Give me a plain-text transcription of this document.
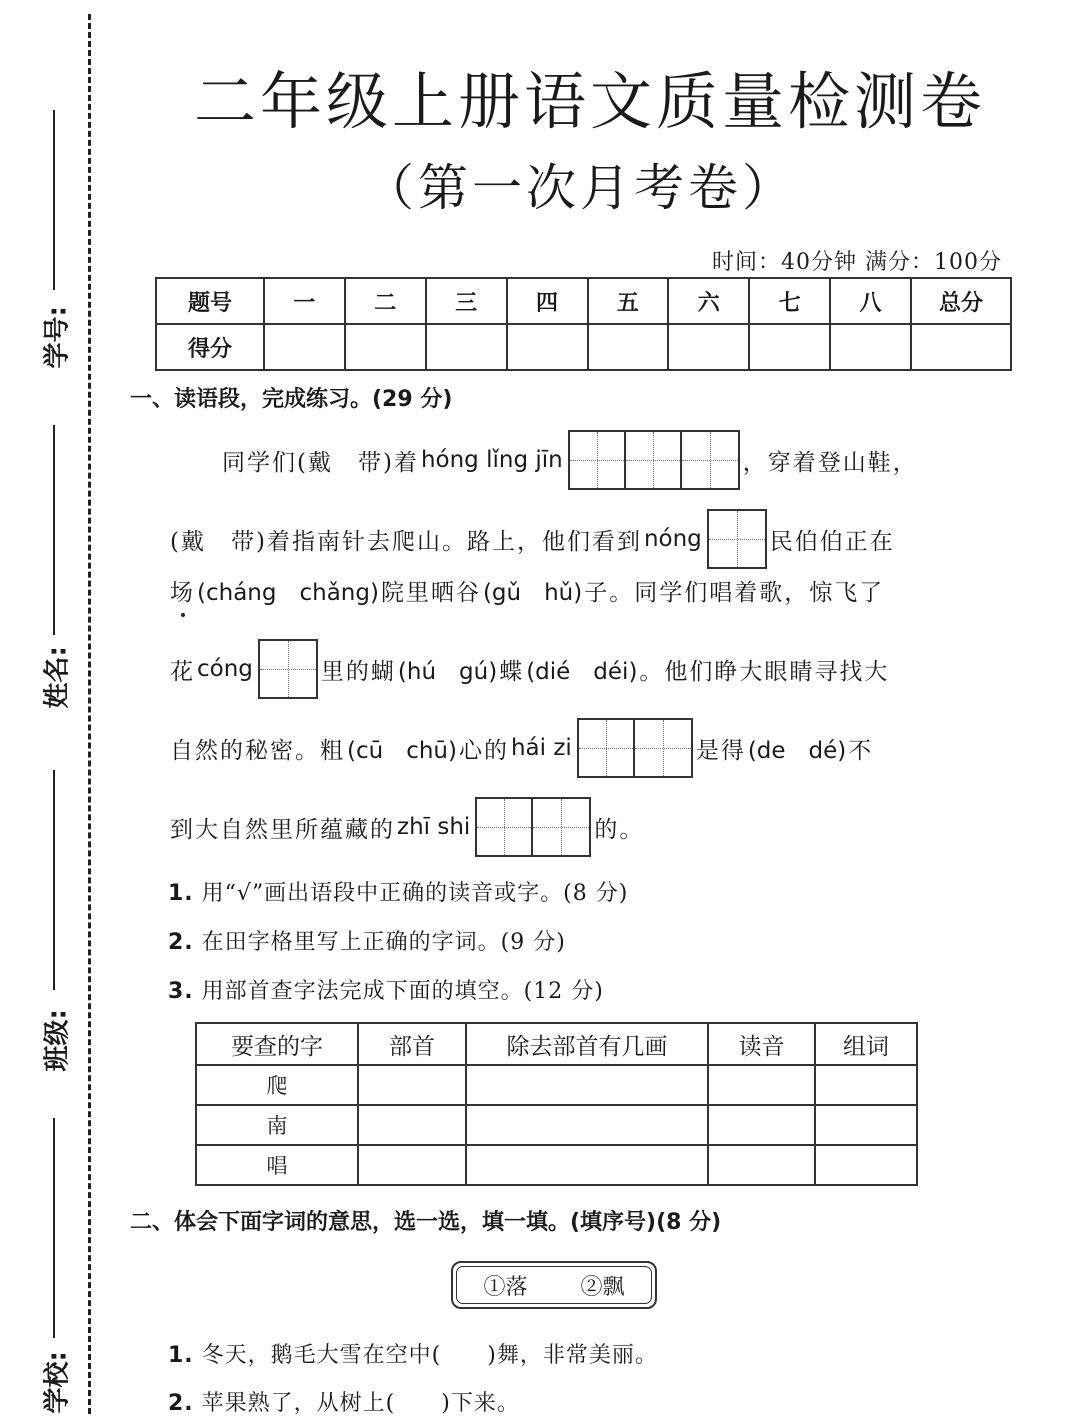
学号:
姓名:
班级:
学校:
二年级上册语文质量检测卷
（第一次月考卷）
时间：40分钟 满分：100分
题号	一	二	三	四	五	六	七	八	总分
得分									
一、读语段，完成练习。(29 分)
同学们(戴　带)着 hóng lǐng jīn	，穿着登山鞋，
(戴　带)着指南针去爬山。路上，他们看到 nóng	民伯伯正在
场 (cháng　chǎng) 院里晒谷 (gǔ　hǔ) 子。同学们唱着歌，惊飞了
花 cóng	里的蝴 (hú　gú) 蝶 (dié　déi) 。他们睁大眼睛寻找大
自然的秘密。粗 (cū　chū) 心的 hái zi	是得 (de　dé) 不
到大自然里所蕴藏的 zhī shi	的。
1. 用“√”画出语段中正确的读音或字。(8 分)
2. 在田字格里写上正确的字词。(9 分)
3. 用部首查字法完成下面的填空。(12 分)
要查的字	部首	除去部首有几画	读音	组词
爬				
南				
唱				
二、体会下面字词的意思，选一选，填一填。(填序号)(8 分)
①落 ②飘
1. 冬天，鹅毛大雪在空中(　　)舞，非常美丽。
2. 苹果熟了，从树上(　　)下来。
